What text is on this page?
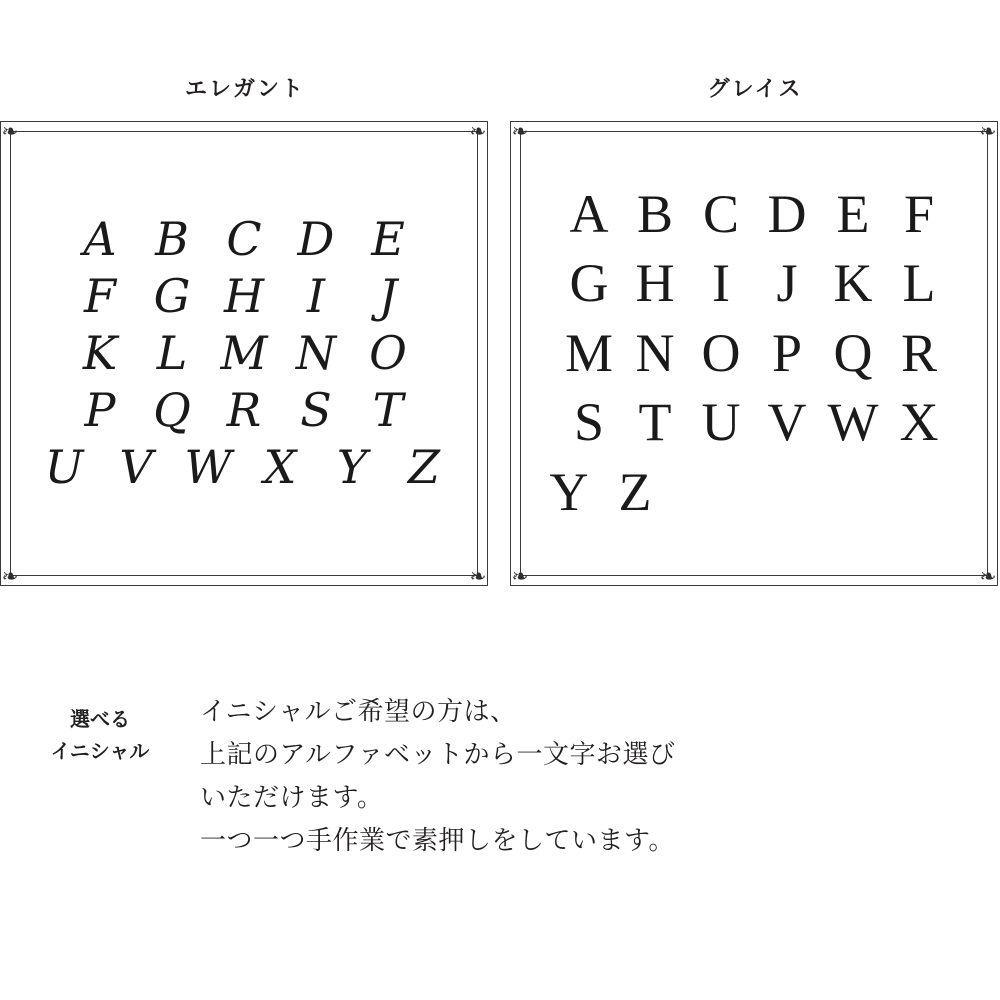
エレガント
❧	❧
❧	❧
A B C D E
F G H I	J
K L M N O
P Q R S T
U V W X Y Z
グレイス
❧	❧
❧	❧
A B C D E F
G H I J K L
M N O P Q R
S T U V W X
Y Z
選べる
イニシャル

イニシャルご希望の方は、

上記のアルファベットから一文字お選び

いただけます。

一つ一つ手作業で素押しをしています。
